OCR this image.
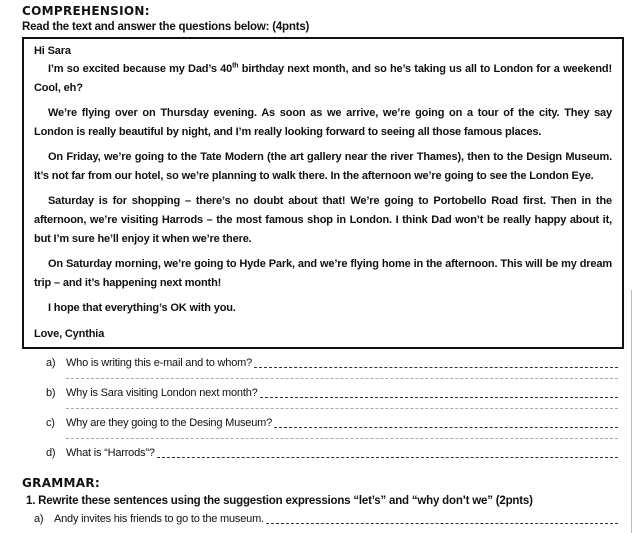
COMPREHENSION:
Read the text and answer the questions below: (4pnts)

Hi Sara

I’m so excited because my Dad’s 40th birthday next month, and so he’s taking us all to London for a weekend! Cool, eh?

We’re flying over on Thursday evening. As soon as we arrive, we’re going on a tour of the city. They say London is really beautiful by night, and I’m really looking forward to seeing all those famous places.

On Friday, we’re going to the Tate Modern (the art gallery near the river Thames), then to the Design Museum. It’s not far from our hotel, so we’re planning to walk there. In the afternoon we’re going to see the London Eye.

Saturday is for shopping – there’s no doubt about that! We’re going to Portobello Road first. Then in the afternoon, we’re visiting Harrods – the most famous shop in London. I think Dad won’t be really happy about it, but I’m sure he’ll enjoy it when we’re there.

On Saturday morning, we’re going to Hyde Park, and we’re flying home in the afternoon. This will be my dream trip – and it’s happening next month!

I hope that everything’s OK with you.

Love, Cynthia

a) Who is writing this e-mail and to whom?
b) Why is Sara visiting London next month?
c)	Why are they going to the Desing Museum?
d) What is “Harrods”?
GRAMMAR:
1. Rewrite these sentences using the suggestion expressions “let’s” and “why don’t we” (2pnts)
a) Andy invites his friends to go to the museum.
